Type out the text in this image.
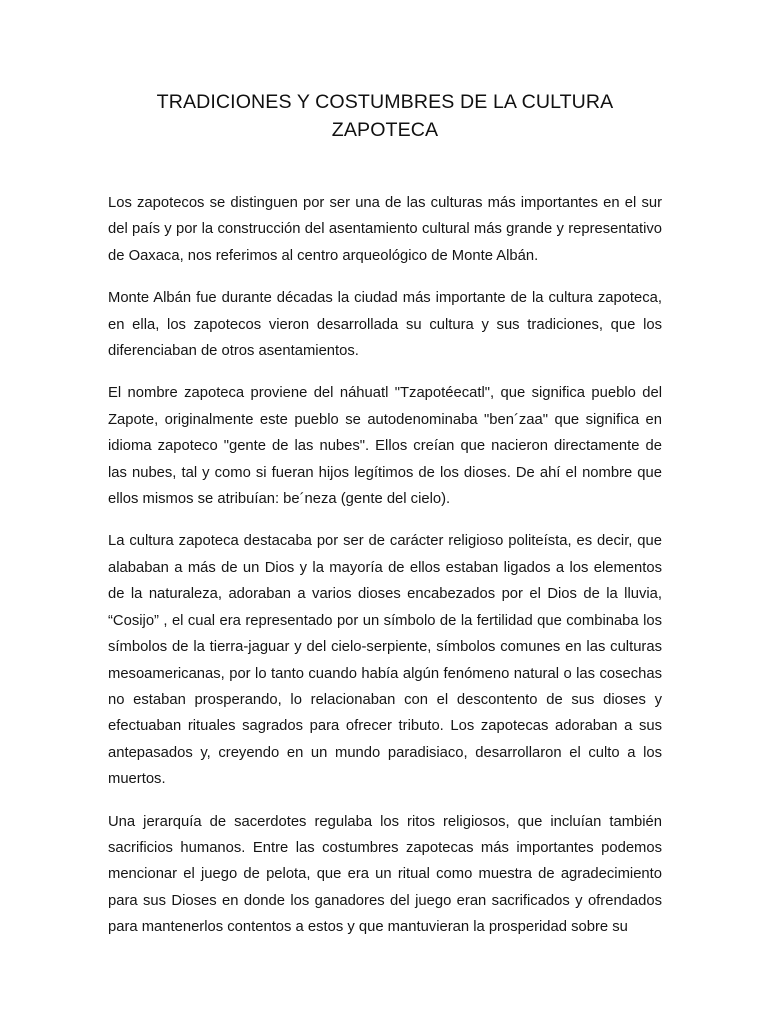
TRADICIONES Y COSTUMBRES DE LA CULTURA
ZAPOTECA

Los zapotecos se distinguen por ser una de las culturas más importantes en el sur del país y por la construcción del asentamiento cultural más grande y representativo de Oaxaca, nos referimos al centro arqueológico de Monte Albán.

Monte Albán fue durante décadas la ciudad más importante de la cultura zapoteca, en ella, los zapotecos vieron desarrollada su cultura y sus tradiciones, que los diferenciaban de otros asentamientos.

El nombre zapoteca proviene del náhuatl "Tzapotéecatl", que significa pueblo del Zapote, originalmente este pueblo se autodenominaba "ben´zaa" que significa en idioma zapoteco "gente de las nubes". Ellos creían que nacieron directamente de las nubes, tal y como si fueran hijos legítimos de los dioses. De ahí el nombre que ellos mismos se atribuían: be´neza (gente del cielo).

La cultura zapoteca destacaba por ser de carácter religioso politeísta, es decir, que alababan a más de un Dios y la mayoría de ellos estaban ligados a los elementos de la naturaleza, adoraban a varios dioses encabezados por el Dios de la lluvia, “Cosijo” , el cual era representado por un símbolo de la fertilidad que combinaba los símbolos de la tierra-jaguar y del cielo-serpiente, símbolos comunes en las culturas mesoamericanas, por lo tanto cuando había algún fenómeno natural o las cosechas no estaban prosperando, lo relacionaban con el descontento de sus dioses y efectuaban rituales sagrados para ofrecer tributo. Los zapotecas adoraban a sus antepasados y, creyendo en un mundo paradisiaco, desarrollaron el culto a los muertos.

Una jerarquía de sacerdotes regulaba los ritos religiosos, que incluían también sacrificios humanos. Entre las costumbres zapotecas más importantes podemos mencionar el juego de pelota, que era un ritual como muestra de agradecimiento para sus Dioses en donde los ganadores del juego eran sacrificados y ofrendados para mantenerlos contentos a estos y que mantuvieran la prosperidad sobre su
